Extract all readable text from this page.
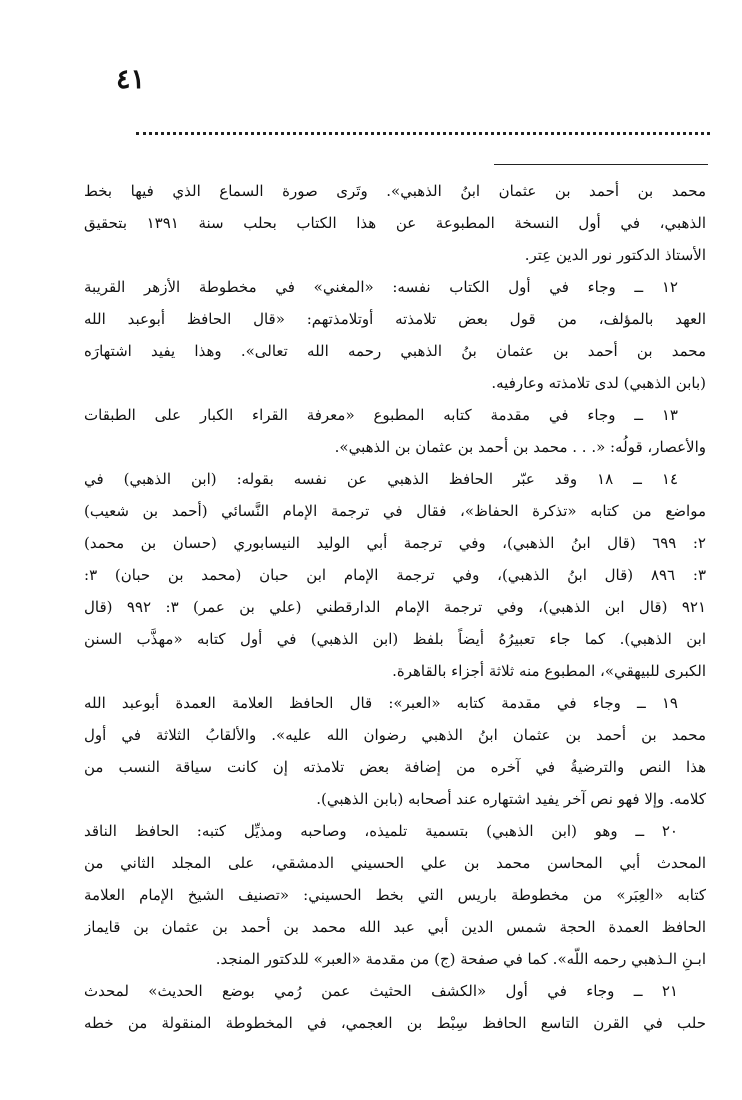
٤١
محمد بن أحمد بن عثمان ابنُ الذهبي». وتَرى صورة السماع الذي فيها بخط
الذهبي، في أول النسخة المطبوعة عن هذا الكتاب بحلب سنة ١٣٩١ بتحقيق
الأستاذ الدكتور نور الدين عِتر.
١٢ ــ وجاء في أول الكتاب نفسه: «المغني» في مخطوطة الأزهر القريبة
العهد بالمؤلف، من قول بعض تلامذته أوتلامذتهم: «قال الحافظ أبوعبد الله
محمد بن أحمد بن عثمان بنُ الذهبي رحمه الله تعالى». وهذا يفيد اشتهارَه
(بابن الذهبي) لدى تلامذته وعارفيه.
١٣ ــ وجاء في مقدمة كتابه المطبوع «معرفة القراء الكبار على الطبقات
والأعصار، قولُه: «. . . محمد بن أحمد بن عثمان بن الذهبي».
١٤ ــ ١٨ وقد عبّر الحافظ الذهبي عن نفسه بقوله: (ابن الذهبي) في
مواضع من كتابه «تذكرة الحفاظ»، فقال في ترجمة الإمام النَّسائي (أحمد بن شعيب)
٢: ٦٩٩ (قال ابنُ الذهبي)، وفي ترجمة أبي الوليد النيسابوري (حسان بن محمد)
٣: ٨٩٦ (قال ابنُ الذهبي)، وفي ترجمة الإمام ابن حبان (محمد بن حبان) ٣:
٩٢١ (قال ابن الذهبي)، وفي ترجمة الإمام الدارقطني (علي بن عمر) ٣: ٩٩٢ (قال
ابن الذهبي). كما جاء تعبيرُهُ أيضاً بلفظ (ابن الذهبي) في أول كتابه «مهذَّب السنن
الكبرى للبيهقي»، المطبوع منه ثلاثة أجزاء بالقاهرة.
١٩ ــ وجاء في مقدمة كتابه «العبر»: قال الحافظ العلامة العمدة أبوعبد الله
محمد بن أحمد بن عثمان ابنُ الذهبي رضوان الله عليه». والألقابُ الثلاثة في أول
هذا النص والترضيةُ في آخره من إضافة بعض تلامذته إن كانت سياقة النسب من
كلامه. وإلا فهو نص آخر يفيد اشتهاره عند أصحابه (بابن الذهبي).
٢٠ ــ وهو (ابن الذهبي) بتسمية تلميذه، وصاحبه ومذيِّل كتبه: الحافظ الناقد
المحدث أبي المحاسن محمد بن علي الحسيني الدمشقي، على المجلد الثاني من
كتابه «العِبَر» من مخطوطة باريس التي بخط الحسيني: «تصنيف الشيخ الإمام العلامة
الحافظ العمدة الحجة شمس الدين أبي عبد الله محمد بن أحمد بن عثمان بن قايماز
ابـنِ الـذهبي رحمه اللّه». كما في صفحة (ج) من مقدمة «العبر» للدكتور المنجد.
٢١ ــ وجاء في أول «الكشف الحثيث عمن رُمي بوضع الحديث» لمحدث
حلب في القرن التاسع الحافظ سِبْط بن العجمي، في المخطوطة المنقولة من خطه
